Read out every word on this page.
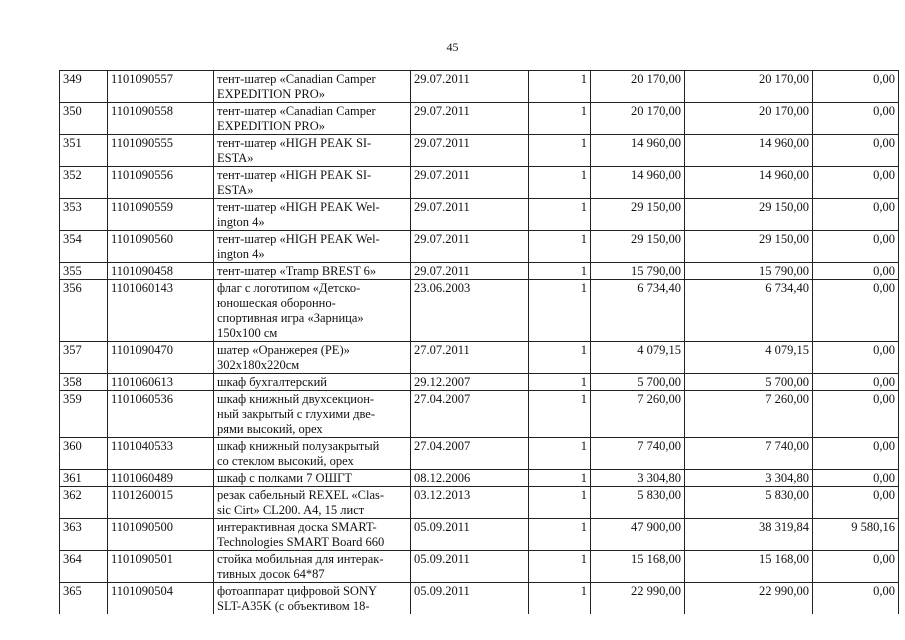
45
349	1101090557	тент-шатер «Canadian Camper
EXPEDITION PRO»	29.07.2011	1	20 170,00	20 170,00	0,00
350	1101090558	тент-шатер «Canadian Camper
EXPEDITION PRO»	29.07.2011	1	20 170,00	20 170,00	0,00
351	1101090555	тент-шатер «HIGH PEAK SI-
ESTA»	29.07.2011	1	14 960,00	14 960,00	0,00
352	1101090556	тент-шатер «HIGH PEAK SI-
ESTA»	29.07.2011	1	14 960,00	14 960,00	0,00
353	1101090559	тент-шатер «HIGH PEAK Wel-
ington 4»	29.07.2011	1	29 150,00	29 150,00	0,00
354	1101090560	тент-шатер «HIGH PEAK Wel-
ington 4»	29.07.2011	1	29 150,00	29 150,00	0,00
355	1101090458	тент-шатер «Tramp BREST 6»	29.07.2011	1	15 790,00	15 790,00	0,00
356	1101060143	флаг с логотипом «Детско-
юношеская оборонно-
спортивная игра «Зарница»
150х100 см	23.06.2003	1	6 734,40	6 734,40	0,00
357	1101090470	шатер «Оранжерея (PE)»
302х180х220см	27.07.2011	1	4 079,15	4 079,15	0,00
358	1101060613	шкаф бухгалтерский	29.12.2007	1	5 700,00	5 700,00	0,00
359	1101060536	шкаф книжный двухсекцион-
ный закрытый с глухими две-
рями высокий, орех	27.04.2007	1	7 260,00	7 260,00	0,00
360	1101040533	шкаф книжный полузакрытый
со стеклом высокий, орех	27.04.2007	1	7 740,00	7 740,00	0,00
361	1101060489	шкаф с полками 7 ОШГТ	08.12.2006	1	3 304,80	3 304,80	0,00
362	1101260015	резак сабельный REXEL «Clas-
sic Cirt» CL200. A4, 15 лист	03.12.2013	1	5 830,00	5 830,00	0,00
363	1101090500	интерактивная доска SMART-
Technologies SMART Board 660	05.09.2011	1	47 900,00	38 319,84	9 580,16
364	1101090501	стойка мобильная для интерак-
тивных досок 64*87	05.09.2011	1	15 168,00	15 168,00	0,00
365	1101090504	фотоаппарат цифровой SONY
SLT-A35K (с объективом 18-	05.09.2011	1	22 990,00	22 990,00	0,00
